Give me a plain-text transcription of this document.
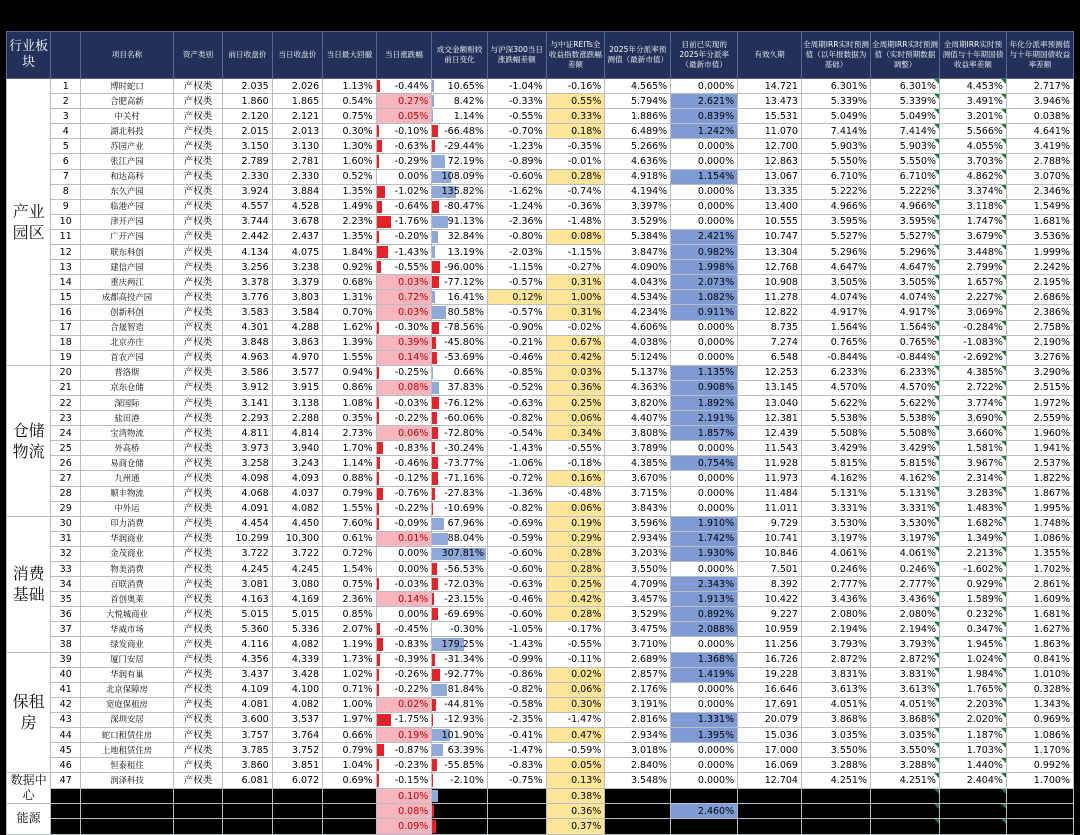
行业板块		项目名称	资产类别	前日收盘价	当日收盘价	当日最大回撤	当日涨跌幅	成交金额相较前日变化	与沪深300当日涨跌幅差额	与中证REITs全收益指数涨跌幅差额	2025年分派率预测值（最新市值）	目前已实现的2025年分派率（最新市值）	有效久期	全周期IRR实时预测值（以年报数据为基础）	全周期IRR实时预测值（实时预期数据调整）	全周期IRR实时预测值与十年期国债收益率差额	年化分派率预测值与十年期国债收益率差额
产业园区	1	博时蛇口	产权类	2.035	2.026	1.13%	-0.44%	10.65%	-1.04%	-0.16%	4.565%	0.000%	14.721	6.301%	6.301%	4.453%	2.717%
	2	合肥高新	产权类	1.860	1.865	0.54%	0.27%	8.42%	-0.33%	0.55%	5.794%	2.621%	13.473	5.339%	5.339%	3.491%	3.946%
	3	中关村	产权类	2.120	2.121	0.75%	0.05%	1.14%	-0.55%	0.33%	1.886%	0.839%	15.531	5.049%	5.049%	3.201%	0.038%
	4	湖北科投	产权类	2.015	2.013	0.30%	-0.10%	-66.48%	-0.70%	0.18%	6.489%	1.242%	11.070	7.414%	7.414%	5.566%	4.641%
	5	苏园产业	产权类	3.150	3.130	1.30%	-0.63%	-29.44%	-1.23%	-0.35%	5.266%	0.000%	12.700	5.903%	5.903%	4.055%	3.419%
	6	张江产园	产权类	2.789	2.781	1.60%	-0.29%	72.19%	-0.89%	-0.01%	4.636%	0.000%	12.863	5.550%	5.550%	3.703%	2.788%
	7	和达高科	产权类	2.330	2.330	0.52%	0.00%	108.09%	-0.60%	0.28%	4.918%	1.154%	13.067	6.710%	6.710%	4.862%	3.070%
	8	东久产园	产权类	3.924	3.884	1.35%	-1.02%	135.82%	-1.62%	-0.74%	4.194%	0.000%	13.335	5.222%	5.222%	3.374%	2.346%
	9	临港产园	产权类	4.557	4.528	1.49%	-0.64%	-80.47%	-1.24%	-0.36%	3.397%	0.000%	13.400	4.966%	4.966%	3.118%	1.549%
	10	津开产园	产权类	3.744	3.678	2.23%	-1.76%	91.13%	-2.36%	-1.48%	3.529%	0.000%	10.555	3.595%	3.595%	1.747%	1.681%
	11	广开产园	产权类	2.442	2.437	1.35%	-0.20%	32.84%	-0.80%	0.08%	5.384%	2.421%	10.747	5.527%	5.527%	3.679%	3.536%
	12	联东科创	产权类	4.134	4.075	1.84%	-1.43%	13.19%	-2.03%	-1.15%	3.847%	0.982%	13.304	5.296%	5.296%	3.448%	1.999%
	13	建信产园	产权类	3.256	3.238	0.92%	-0.55%	-96.00%	-1.15%	-0.27%	4.090%	1.998%	12.768	4.647%	4.647%	2.799%	2.242%
	14	重庆两江	产权类	3.378	3.379	0.68%	0.03%	-77.12%	-0.57%	0.31%	4.043%	2.073%	10.908	3.505%	3.505%	1.657%	2.195%
	15	成都高投产园	产权类	3.776	3.803	1.31%	0.72%	16.41%	0.12%	1.00%	4.534%	1.082%	11.278	4.074%	4.074%	2.227%	2.686%
	16	创新科创	产权类	3.583	3.584	0.70%	0.03%	80.58%	-0.57%	0.31%	4.234%	0.911%	12.822	4.917%	4.917%	3.069%	2.386%
	17	合晟智造	产权类	4.301	4.288	1.62%	-0.30%	-78.56%	-0.90%	-0.02%	4.606%	0.000%	8.735	1.564%	1.564%	-0.284%	2.758%
	18	北京亦庄	产权类	3.848	3.863	1.39%	0.39%	-45.80%	-0.21%	0.67%	4.038%	0.000%	7.274	0.765%	0.765%	-1.083%	2.190%
	19	首农产园	产权类	4.963	4.970	1.55%	0.14%	-53.69%	-0.46%	0.42%	5.124%	0.000%	6.548	-0.844%	-0.844%	-2.692%	3.276%
仓储物流	20	普洛斯	产权类	3.586	3.577	0.94%	-0.25%	0.66%	-0.85%	0.03%	5.137%	1.135%	12.253	6.233%	6.233%	4.385%	3.290%
	21	京东仓储	产权类	3.912	3.915	0.86%	0.08%	37.83%	-0.52%	0.36%	4.363%	0.908%	13.145	4.570%	4.570%	2.722%	2.515%
	22	深国际	产权类	3.141	3.138	1.08%	-0.03%	-76.12%	-0.63%	0.25%	3.820%	1.892%	13.040	5.622%	5.622%	3.774%	1.972%
	23	盐田港	产权类	2.293	2.288	0.35%	-0.22%	-60.06%	-0.82%	0.06%	4.407%	2.191%	12.381	5.538%	5.538%	3.690%	2.559%
	24	宝湾物流	产权类	4.811	4.814	2.73%	0.06%	-72.80%	-0.54%	0.34%	3.808%	1.857%	12.439	5.508%	5.508%	3.660%	1.960%
	25	外高桥	产权类	3.973	3.940	1.70%	-0.83%	-30.24%	-1.43%	-0.55%	3.789%	0.000%	11.543	3.429%	3.429%	1.581%	1.941%
	26	易商仓储	产权类	3.258	3.243	1.14%	-0.46%	-73.77%	-1.06%	-0.18%	4.385%	0.754%	11.928	5.815%	5.815%	3.967%	2.537%
	27	九州通	产权类	4.098	4.093	0.88%	-0.12%	-71.16%	-0.72%	0.16%	3.670%	0.000%	11.973	4.162%	4.162%	2.314%	1.822%
	28	顺丰物流	产权类	4.068	4.037	0.79%	-0.76%	-27.83%	-1.36%	-0.48%	3.715%	0.000%	11.484	5.131%	5.131%	3.283%	1.867%
	29	中外运	产权类	4.091	4.082	1.55%	-0.22%	-10.69%	-0.82%	0.06%	3.843%	0.000%	11.011	3.331%	3.331%	1.483%	1.995%
消费基础	30	印力消费	产权类	4.454	4.450	7.60%	-0.09%	67.96%	-0.69%	0.19%	3.596%	1.910%	9.729	3.530%	3.530%	1.682%	1.748%
	31	华润商业	产权类	10.299	10.300	0.61%	0.01%	88.04%	-0.59%	0.29%	2.934%	1.742%	10.741	3.197%	3.197%	1.349%	1.086%
	32	金茂商业	产权类	3.722	3.722	0.72%	0.00%	307.81%	-0.60%	0.28%	3.203%	1.930%	10.846	4.061%	4.061%	2.213%	1.355%
	33	物美消费	产权类	4.245	4.245	1.54%	0.00%	-56.53%	-0.60%	0.28%	3.550%	0.000%	7.501	0.246%	0.246%	-1.602%	1.702%
	34	百联消费	产权类	3.081	3.080	0.75%	-0.03%	-72.03%	-0.63%	0.25%	4.709%	2.343%	8.392	2.777%	2.777%	0.929%	2.861%
	35	首创奥莱	产权类	4.163	4.169	2.36%	0.14%	-23.15%	-0.46%	0.42%	3.457%	1.913%	10.422	3.436%	3.436%	1.589%	1.609%
	36	大悦城商业	产权类	5.015	5.015	0.85%	0.00%	-69.69%	-0.60%	0.28%	3.529%	0.892%	9.227	2.080%	2.080%	0.232%	1.681%
	37	华威市场	产权类	5.360	5.336	2.07%	-0.45%	-0.30%	-1.05%	-0.17%	3.475%	2.088%	10.959	2.194%	2.194%	0.347%	1.627%
	38	绿发商业	产权类	4.116	4.082	1.19%	-0.83%	179.25%	-1.43%	-0.55%	3.710%	0.000%	11.256	3.793%	3.793%	1.945%	1.863%
保租房	39	厦门安居	产权类	4.356	4.339	1.73%	-0.39%	-31.34%	-0.99%	-0.11%	2.689%	1.368%	16.726	2.872%	2.872%	1.024%	0.841%
	40	华润有巢	产权类	3.437	3.428	1.02%	-0.26%	-92.77%	-0.86%	0.02%	2.857%	1.419%	19.228	3.831%	3.831%	1.984%	1.010%
	41	北京保障房	产权类	4.109	4.100	0.71%	-0.22%	81.84%	-0.82%	0.06%	2.176%	0.000%	16.646	3.613%	3.613%	1.765%	0.328%
	42	宽庭保租房	产权类	4.081	4.082	1.00%	0.02%	-44.81%	-0.58%	0.30%	3.191%	0.000%	17.691	4.051%	4.051%	2.203%	1.343%
	43	深圳安居	产权类	3.600	3.537	1.97%	-1.75%	-12.93%	-2.35%	-1.47%	2.816%	1.331%	20.079	3.868%	3.868%	2.020%	0.969%
	44	蛇口租赁住房	产权类	3.757	3.764	0.66%	0.19%	101.90%	-0.41%	0.47%	2.934%	1.395%	15.036	3.035%	3.035%	1.187%	1.086%
	45	上地租赁住房	产权类	3.785	3.752	0.79%	-0.87%	63.39%	-1.47%	-0.59%	3.018%	0.000%	17.000	3.550%	3.550%	1.703%	1.170%
	46	恒泰租住	产权类	3.860	3.851	1.04%	-0.23%	-55.85%	-0.83%	0.05%	2.840%	0.000%	16.069	3.288%	3.288%	1.440%	0.992%
数据中心	47	润泽科技	产权类	6.081	6.072	0.69%	-0.15%	-2.10%	-0.75%	0.13%	3.548%	0.000%	12.704	4.251%	4.251%	2.404%	1.700%
	48	万国数据	产权类	4.176	4.180	1.17%	0.10%	35.03%	-0.50%	0.38%	2.744%	0.000%	11.980	3.461%	3.461%	1.614%	0.896%
能源	49	深圳能源	产权类	6.295	6.300	0.52%	0.08%	-24.96%	-0.52%	0.36%	4.964%	2.460%	4.980	3.117%	6.051%	1.269%	3.117%
	50	华电清洁能源	产权类	4.600	4.604	0.20%	0.09%	-41.53%	-0.51%	0.37%	4.661%	0.000%	7.914	0.052%	0.052%	-1.796%	2.813%
